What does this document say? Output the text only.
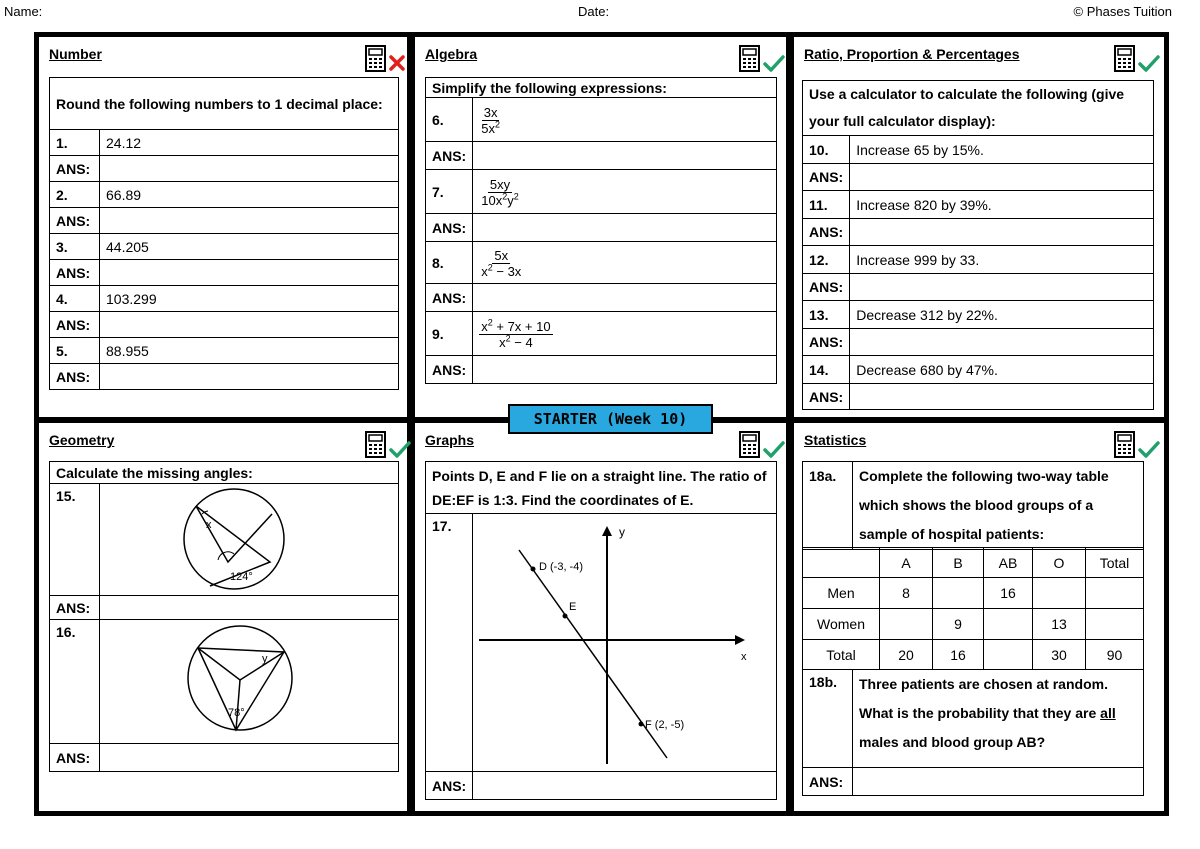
Name:	Date:	© Phases Tuition
Number
Round the following numbers to 1 decimal place:	
1.	24.12
ANS:	
2.	66.89
ANS:	
3.	44.205
ANS:	
4.	103.299
ANS:	
5.	88.955
ANS:	
Algebra
Simplify the following expressions:	
6.	$\frac{3x}{5x^2}$

ANS:	
7.	$\frac{5xy}{10x^2y^2}$

ANS:	
8.	$\frac{5x}{x^2 - 3x}$

ANS:	
9.	$\frac{x^2 + 7x + 10}{x^2 - 4}$

ANS:	
Ratio, Proportion & Percentages
Use a calculator to calculate the following (give your full calculator display):	
10.	Increase 65 by 15%.
ANS:	
11.	Increase 820 by 39%.
ANS:	
12.	Increase 999 by 33.
ANS:	
13.	Decrease 312 by 22%.
ANS:	
14.	Decrease 680 by 47%.
ANS:	
Geometry
Calculate the missing angles:	
15.	x
124°

ANS:	
16.	y
78°

ANS:	
Graphs
Points D, E and F lie on a straight line. The ratio of DE:EF is 1:3. Find the coordinates of E.	
17.	x
y
D (-3, -4)
E
F (2, -5)

ANS:	
Statistics
18a.	Complete the following two-way table which shows the blood groups of a sample of hospital patients:
	A	B	AB	O	Total
Men	8		16		
Women		9		13	
Total	20	16		30	90
18b.	Three patients are chosen at random. What is the probability that they are all males and blood group AB?
ANS:	
STARTER (Week 10)
